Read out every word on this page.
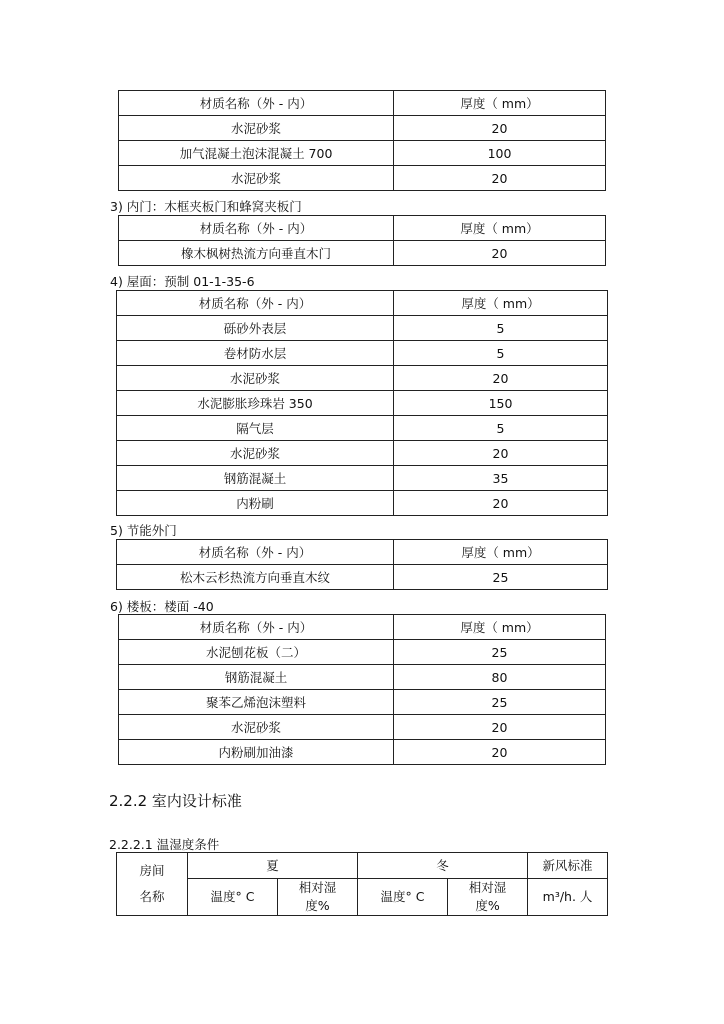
材质名称（外 - 内）	厚度（ mm）
水泥砂浆	20
加气混凝土泡沫混凝土 700	100
水泥砂浆	20
3) 内门：木框夹板门和蜂窝夹板门
材质名称（外 - 内）	厚度（ mm）
橡木枫树热流方向垂直木门	20
4) 屋面：预制 01-1-35-6
材质名称（外 - 内）	厚度（ mm）
砾砂外表层	5
卷材防水层	5
水泥砂浆	20
水泥膨胀珍珠岩 350	150
隔气层	5
水泥砂浆	20
钢筋混凝土	35
内粉刷	20
5) 节能外门
材质名称（外 - 内）	厚度（ mm）
松木云杉热流方向垂直木纹	25
6) 楼板：楼面 -40
材质名称（外 - 内）	厚度（ mm）
水泥刨花板（二）	25
钢筋混凝土	80
聚苯乙烯泡沫塑料	25
水泥砂浆	20
内粉刷加油漆	20
2.2.2 室内设计标准
2.2.2.1 温湿度条件
房间名称	夏		冬		新风标准
	温度° C	相对湿度%	温度° C	相对湿度%	m³/h. 人
